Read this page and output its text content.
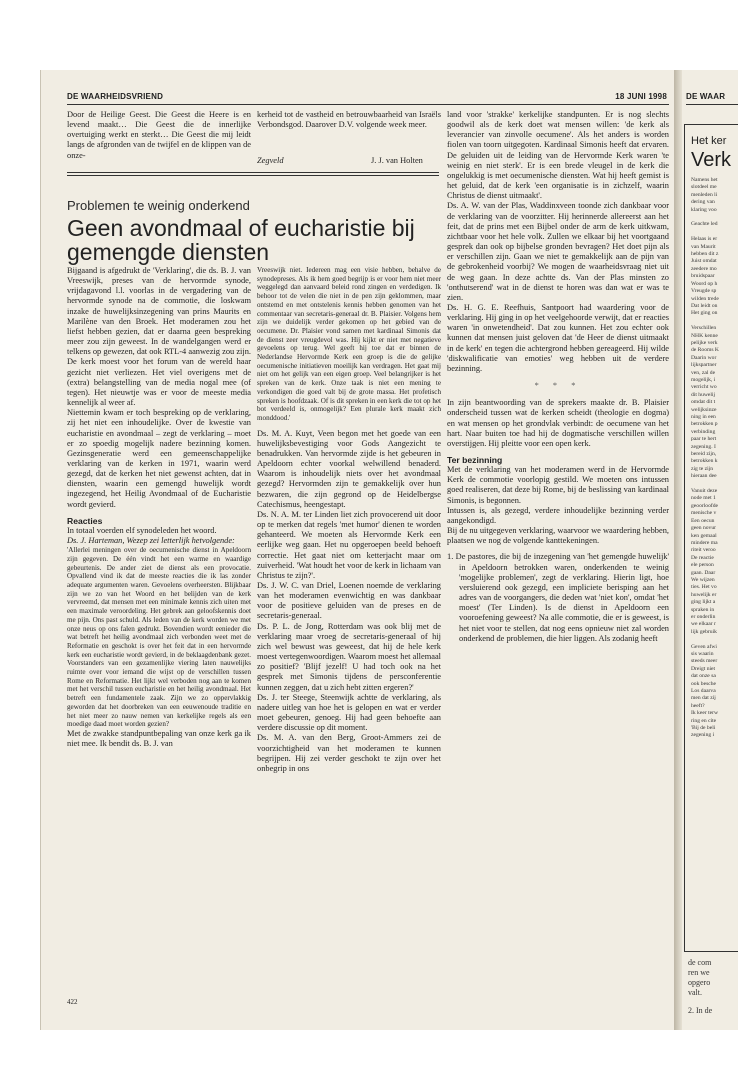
DE WAARHEIDSVRIEND	18 JUNI 1998

Door de Heilige Geest. Die Geest die Heere is en levend maakt… Die Geest die de innerlijke overtuiging werkt en sterkt… Die Geest die mij leidt langs de afgronden van de twijfel en de klippen van de onze-

kerheid tot de vastheid en betrouwbaarheid van Israëls Verbondsgod. Daarover D.V. volgende week meer.

Zegveld	J. J. van Holten
Problemen te weinig onderkend
Geen avondmaal of eucharistie bij gemengde diensten

Bijgaand is afgedrukt de 'Verklaring', die ds. B. J. van Vreeswijk, preses van de hervormde synode, vrijdagavond l.l. voorlas in de vergadering van de hervormde synode na de commotie, die loskwam inzake de huwelijksinzegening van prins Maurits en Marilène van den Broek. Het moderamen zou het liefst hebben gezien, dat er daarna geen bespreking meer zou zijn geweest. In de wandelgangen werd er telkens op gewezen, dat ook RTL-4 aanwezig zou zijn. De kerk moest voor het forum van de wereld haar gezicht niet verliezen. Het viel overigens met de (extra) belangstelling van de media nogal mee (of tegen). Het nieuwtje was er voor de meeste media kennelijk al weer af.

Niettemin kwam er toch bespreking op de verklaring, zij het niet een inhoudelijke. Over de kwestie van eucharistie en avondmaal – zegt de verklaring – moet er zo spoedig mogelijk nadere bezinning komen. Gezinsgeneratie werd een gemeenschappelijke verklaring van de kerken in 1971, waarin werd gezegd, dat de kerken het niet gewenst achten, dat in diensten, waarin een gemengd huwelijk wordt ingezegend, het Heilig Avondmaal of de Eucharistie wordt gevierd.

Reacties

In totaal voerden elf synodeleden het woord.

Ds. J. Harteman, Wezep zei letterlijk hetvolgende:

'Allerlei meningen over de oecumenische dienst in Apeldoorn zijn gegeven. De één vindt het een warme en waardige gebeurtenis. De ander ziet de dienst als een provocatie. Opvallend vind ik dat de meeste reacties die ik las zonder adequate argumenten waren. Gevoelens overheersten. Blijkbaar zijn we zo van het Woord en het belijden van de kerk vervreemd, dat mensen met een minimale kennis zich uiten met een maximale veroordeling. Het gebrek aan geloofskennis doet me pijn. Ons past schuld. Als leden van de kerk worden we met onze neus op ons falen gedrukt. Bovendien wordt eenieder die wat betreft het heilig avondmaal zich verbonden weet met de Reformatie en geschokt is over het feit dat in een hervormde kerk een eucharistie wordt gevierd, in de beklaagdenbank gezet. Voorstanders van een gezamenlijke viering laten nauwelijks ruimte over voor iemand die wijst op de verschillen tussen Rome en Reformatie. Het lijkt wel verboden nog aan te komen met het verschil tussen eucharistie en het heilig avondmaal. Het betreft een fundamentele zaak. Zijn we zo oppervlakkig geworden dat het doorbreken van een eeuwenoude traditie en het niet meer zo nauw nemen van kerkelijke regels als een moedige daad moet worden gezien?

Met de zwakke standpuntbepaling van onze kerk ga ik niet mee. Ik bendit ds. B. J. van

Vreeswijk niet. Iedereen mag een visie hebben, behalve de synodepreses. Als ik hem goed begrijp is er voor hem niet meer weggelegd dan aanvaard beleid rond zingen en verdedigen. Ik behoor tot de velen die niet in de pen zijn geklommen, maar ontstemd en met ontstelenis kennis hebben genomen van het commentaar van secretaris-generaal dr. B. Plaisier. Volgens hem zijn we duidelijk verder gekomen op het gebied van de oecumene. Dr. Plaisier vond samen met kardinaal Simonis dat de dienst zeer vreugdevol was. Hij kijkt er niet met negatieve gevoelens op terug. Wel geeft hij toe dat er binnen de Nederlandse Hervormde Kerk een groep is die de gelijke oecumenische initiatieven moeilijk kan verdragen. Het gaat mij niet om het gelijk van een eigen groep. Veel belangrijker is het spreken van de kerk. Onze taak is niet een mening te verkondigen die goed valt bij de grote massa. Het profetisch spreken is hoofdzaak. Of is dit spreken in een kerk die tot op het bot verdeeld is, onmogelijk? Een plurale kerk maakt zich monddood.'

Ds. M. A. Kuyt, Veen begon met het goede van een huwelijksbevestiging voor Gods Aangezicht te benadrukken. Van hervormde zijde is het gebeuren in Apeldoorn echter voorkal welwillend benaderd. Waarom is inhoudelijk niets over het avondmaal gezegd? Hervormden zijn te gemakkelijk over hun bezwaren, die zijn gegrond op de Heidelbergse Catechismus, heengestapt.

Ds. N. A. M. ter Linden liet zich provocerend uit door op te merken dat regels 'met humor' dienen te worden gehanteerd. We moeten als Hervormde Kerk een eerlijke weg gaan. Het nu opgeroepen beeld behoeft correctie. Het gaat niet om ketterjacht maar om zuiverheid. 'Wat houdt het voor de kerk in lichaam van Christus te zijn?'.

Ds. J. W. C. van Driel, Loenen noemde de verklaring van het moderamen evenwichtig en was dankbaar voor de positieve geluiden van de preses en de secretaris-generaal.

Ds. P. L. de Jong, Rotterdam was ook blij met de verklaring maar vroeg de secretaris-generaal of hij zich wel bewust was geweest, dat hij de hele kerk moest vertegenwoordigen. Waarom moest het allemaal zo positief? 'Blijf jezelf! U had toch ook na het gesprek met Simonis tijdens de persconferentie kunnen zeggen, dat u zich hebt zitten ergeren?'

Ds. J. ter Steege, Steenwijk achtte de verklaring, als nadere uitleg van hoe het is gelopen en wat er verder moet gebeuren, genoeg. Hij had geen behoefte aan verdere discussie op dit moment.

Ds. M. A. van den Berg, Groot-Ammers zei de voorzichtigheid van het moderamen te kunnen begrijpen. Hij zei verder geschokt te zijn over het onbegrip in ons

land voor 'strakke' kerkelijke standpunten. Er is nog slechts goodwil als de kerk doet wat mensen willen: 'de kerk als leverancier van zinvolle oecumene'. Als het anders is worden fiolen van toorn uitgegoten. Kardinaal Simonis heeft dat ervaren. De geluiden uit de leiding van de Hervormde Kerk waren 'te weinig en niet sterk'. Er is een brede vleugel in de kerk die ongelukkig is met oecumenische diensten. Wat hij heeft gemist is het geluid, dat de kerk 'een organisatie is in zichzelf, waarin Christus de dienst uitmaakt'.

Ds. A. W. van der Plas, Waddinxveen toonde zich dankbaar voor de verklaring van de voorzitter. Hij herinnerde allereerst aan het feit, dat de prins met een Bijbel onder de arm de kerk uitkwam, zichtbaar voor het hele volk. Zullen we elkaar bij het voortgaand gesprek dan ook op bijbelse gronden bevragen? Het doet pijn als er verschillen zijn. Gaan we niet te gemakkelijk aan de pijn van de gebrokenheid voorbij? We mogen de waarheidsvraag niet uit de weg gaan. In deze achtte ds. Van der Plas minsten zo 'onthutserend' wat in de dienst te horen was dan wat er was te zien.

Ds. H. G. E. Reefhuis, Santpoort had waardering voor de verklaring. Hij ging in op het veelgehoorde verwijt, dat er reacties waren 'in onwetendheid'. Dat zou kunnen. Het zou echter ook kunnen dat mensen juist geloven dat 'de Heer de dienst uitmaakt in de kerk' en tegen die achtergrond hebben gereageerd. Hij wilde 'diskwalificatie van emoties' weg hebben uit de verdere bezinning.

* * *

In zijn beantwoording van de sprekers maakte dr. B. Plaisier onderscheid tussen wat de kerken scheidt (theologie en dogma) en wat mensen op het grondvlak verbindt: de oecumene van het hart. Naar buiten toe had hij de dogmatische verschillen willen overstijgen. Hij pleitte voor een open kerk.

Ter bezinning

Met de verklaring van het moderamen werd in de Hervormde Kerk de commotie voorlopig gestild. We moeten ons intussen goed realiseren, dat deze bij Rome, bij de beslissing van kardinaal Simonis, is begonnen.

Intussen is, als gezegd, verdere inhoudelijke bezinning verder aangekondigd.

Bij de nu uitgegeven verklaring, waarvoor we waardering hebben, plaatsen we nog de volgende kanttekeningen.

1. De pastores, die bij de inzegening van 'het gemengde huwelijk' in Apeldoorn betrokken waren, onderkenden te weinig 'mogelijke problemen', zegt de verklaring. Hierin ligt, hoe versluierend ook gezegd, een impliciete berisping aan het adres van de voorgangers, die deden wat 'niet kon', omdat 'het moest' (Ter Linden). Is de dienst in Apeldoorn een vooroefening geweest? Na alle commotie, die er is geweest, is het niet voor te stellen, dat nog eens opnieuw niet zal worden onderkend de problemen, die hier liggen. Als zodanig heeft

422
DE WAAR
Het ker
Verk
Namens het
slotdeel me
menleden li
dering van
klaring voo

Geachte led

Helaas is er
van Maurit
hebben dit z
Juist omdat
zeedere mo
bruidspaar
Woord op h
Vreugde sp
wilden trede
Dat leidt on
Het ging on

Verschillen
NHK kenne
pelijke verk
de Rooms K
Daarin wor
lijkspartner
ven, zal de
mogelijk, i
verricht wo
dit huwelij
omdat dit t
welijksinze
ning in een
betrokken p
verbinding
paar te hert
zegening. I
bereid zijn,
betrokken k
zig te zijn
hieraan dee

Vanuit deze
node met 1
geoorloofde
menische v
Een oecun
geen novur
ken gemaal
mindere ma
riteit veroo
De reactie
ele person
gaan. Daar
We wijzen
ties. Het vo
huwelijk er
ging lijkt a
spraken in
er onderlin
we elkaar r
lijk gebruik

Geven afwi
sis waarin
steeds meer
Dreigt niet
dat onze sa
ook besche
Los daarva
men dat zij
heeft?
Ik keer terw
ring en cite
'Bij de beli
zegening i
de com
ren we
opgero
valt.
2. In de
